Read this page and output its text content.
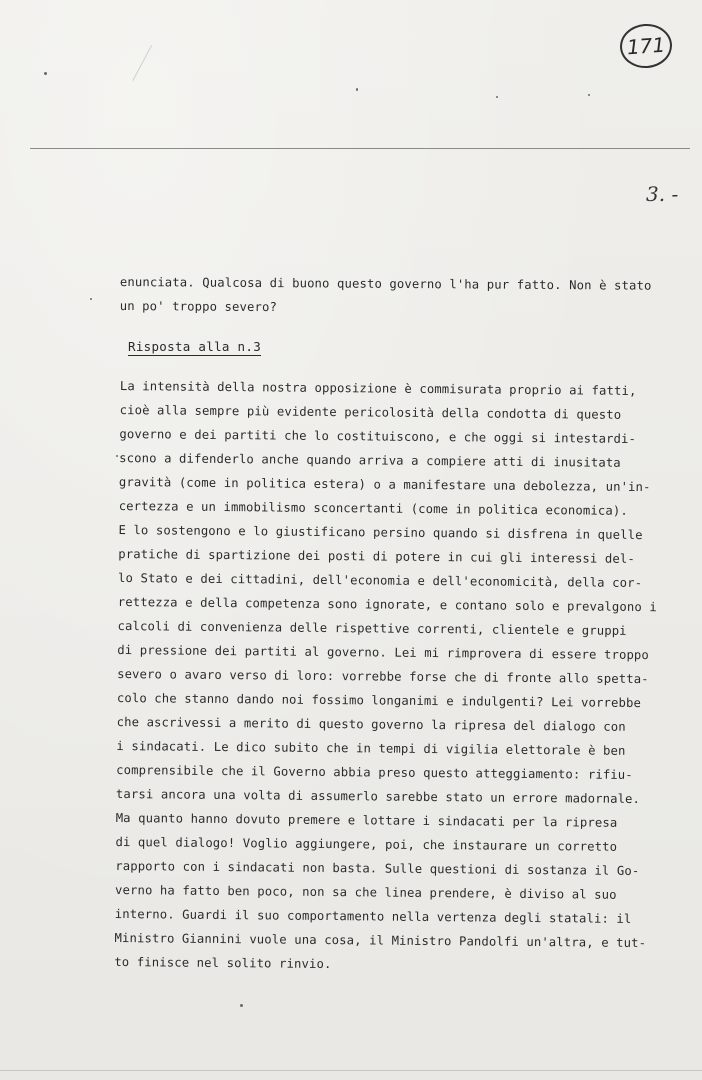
171
3. -
enunciata. Qualcosa di buono questo governo l'ha pur fatto. Non è stato
un po' troppo severo?
Risposta alla n.3
La intensità della nostra opposizione è commisurata proprio ai fatti,
cioè alla sempre più evidente pericolosità della condotta di questo
governo e dei partiti che lo costituiscono, e che oggi si intestardi-
scono a difenderlo anche quando arriva a compiere atti di inusitata
gravità (come in politica estera) o a manifestare una debolezza, un'in-
certezza e un immobilismo sconcertanti (come in politica economica).
E lo sostengono e lo giustificano persino quando si disfrena in quelle
pratiche di spartizione dei posti di potere in cui gli interessi del-
lo Stato e dei cittadini, dell'economia e dell'economicità, della cor-
rettezza e della competenza sono ignorate, e contano solo e prevalgono i
calcoli di convenienza delle rispettive correnti, clientele e gruppi
di pressione dei partiti al governo. Lei mi rimprovera di essere troppo
severo o avaro verso di loro: vorrebbe forse che di fronte allo spetta-
colo che stanno dando noi fossimo longanimi e indulgenti? Lei vorrebbe
che ascrivessi a merito di questo governo la ripresa del dialogo con
i sindacati. Le dico subito che in tempi di vigilia elettorale è ben
comprensibile che il Governo abbia preso questo atteggiamento: rifiu-
tarsi ancora una volta di assumerlo sarebbe stato un errore madornale.
Ma quanto hanno dovuto premere e lottare i sindacati per la ripresa
di quel dialogo! Voglio aggiungere, poi, che instaurare un corretto
rapporto con i sindacati non basta. Sulle questioni di sostanza il Go-
verno ha fatto ben poco, non sa che linea prendere, è diviso al suo
interno. Guardi il suo comportamento nella vertenza degli statali: il
Ministro Giannini vuole una cosa, il Ministro Pandolfi un'altra, e tut-
to finisce nel solito rinvio.
